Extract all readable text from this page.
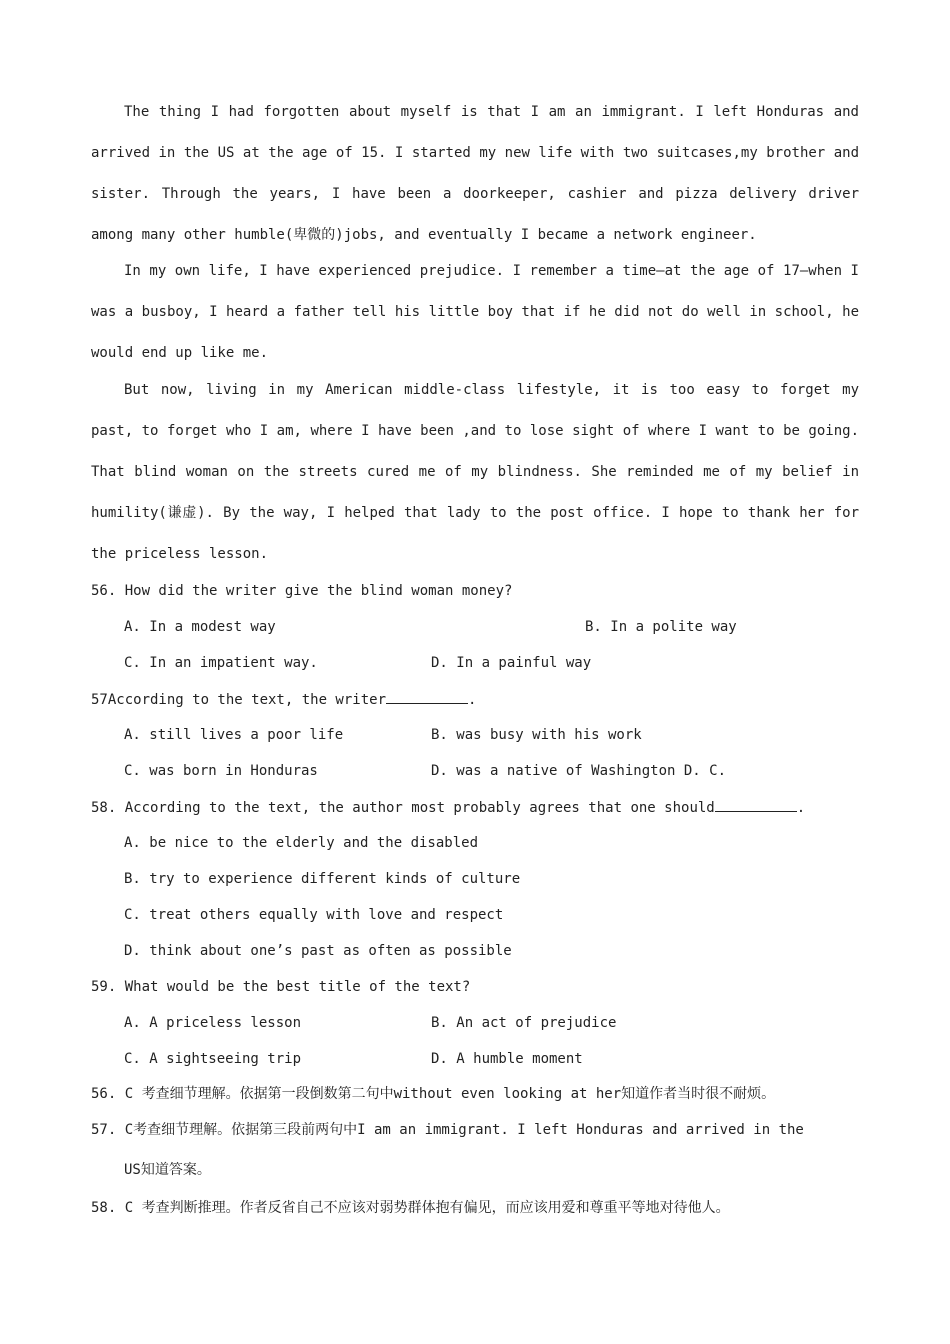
The thing I had forgotten about myself is that I am an immigrant. I left Honduras and arrived in the US at the age of 15. I started my new life with two suitcases,my brother and sister. Through the years, I have been a doorkeeper, cashier and pizza delivery driver among many other humble(卑微的)jobs, and eventually I became a network engineer.
In my own life, I have experienced prejudice. I remember a time—at the age of 17—when I was a busboy, I heard a father tell his little boy that if he did not do well in school, he would end up like me.
But now, living in my American middle-class lifestyle, it is too easy to forget my past, to forget who I am, where I have been ,and to lose sight of where I want to be going. That blind woman on the streets cured me of my blindness. She reminded me of my belief in humility(谦虚). By the way, I helped that lady to the post office. I hope to thank her for the priceless lesson.
56. How did the writer give the blind woman money?
A. In a modest way	B. In a polite way
C. In an impatient way.	D. In a painful way
57According to the text, the writer	.
A. still lives a poor life	B. was busy with his work
C. was born in Honduras	D. was a native of Washington D. C.
58. According to the text, the author most probably agrees that one should	.
A. be nice to the elderly and the disabled
B. try to experience different kinds of culture
C. treat others equally with love and respect
D. think about one’s past as often as possible
59. What would be the best title of the text?
A. A priceless lesson	B. An act of prejudice
C. A sightseeing trip	D. A humble moment
56. C 考查细节理解。依据第一段倒数第二句中without even looking at her知道作者当时很不耐烦。
57. C考查细节理解。依据第三段前两句中I am an immigrant. I left Honduras and arrived in the
US知道答案。
58. C 考查判断推理。作者反省自己不应该对弱势群体抱有偏见，而应该用爱和尊重平等地对待他人。
